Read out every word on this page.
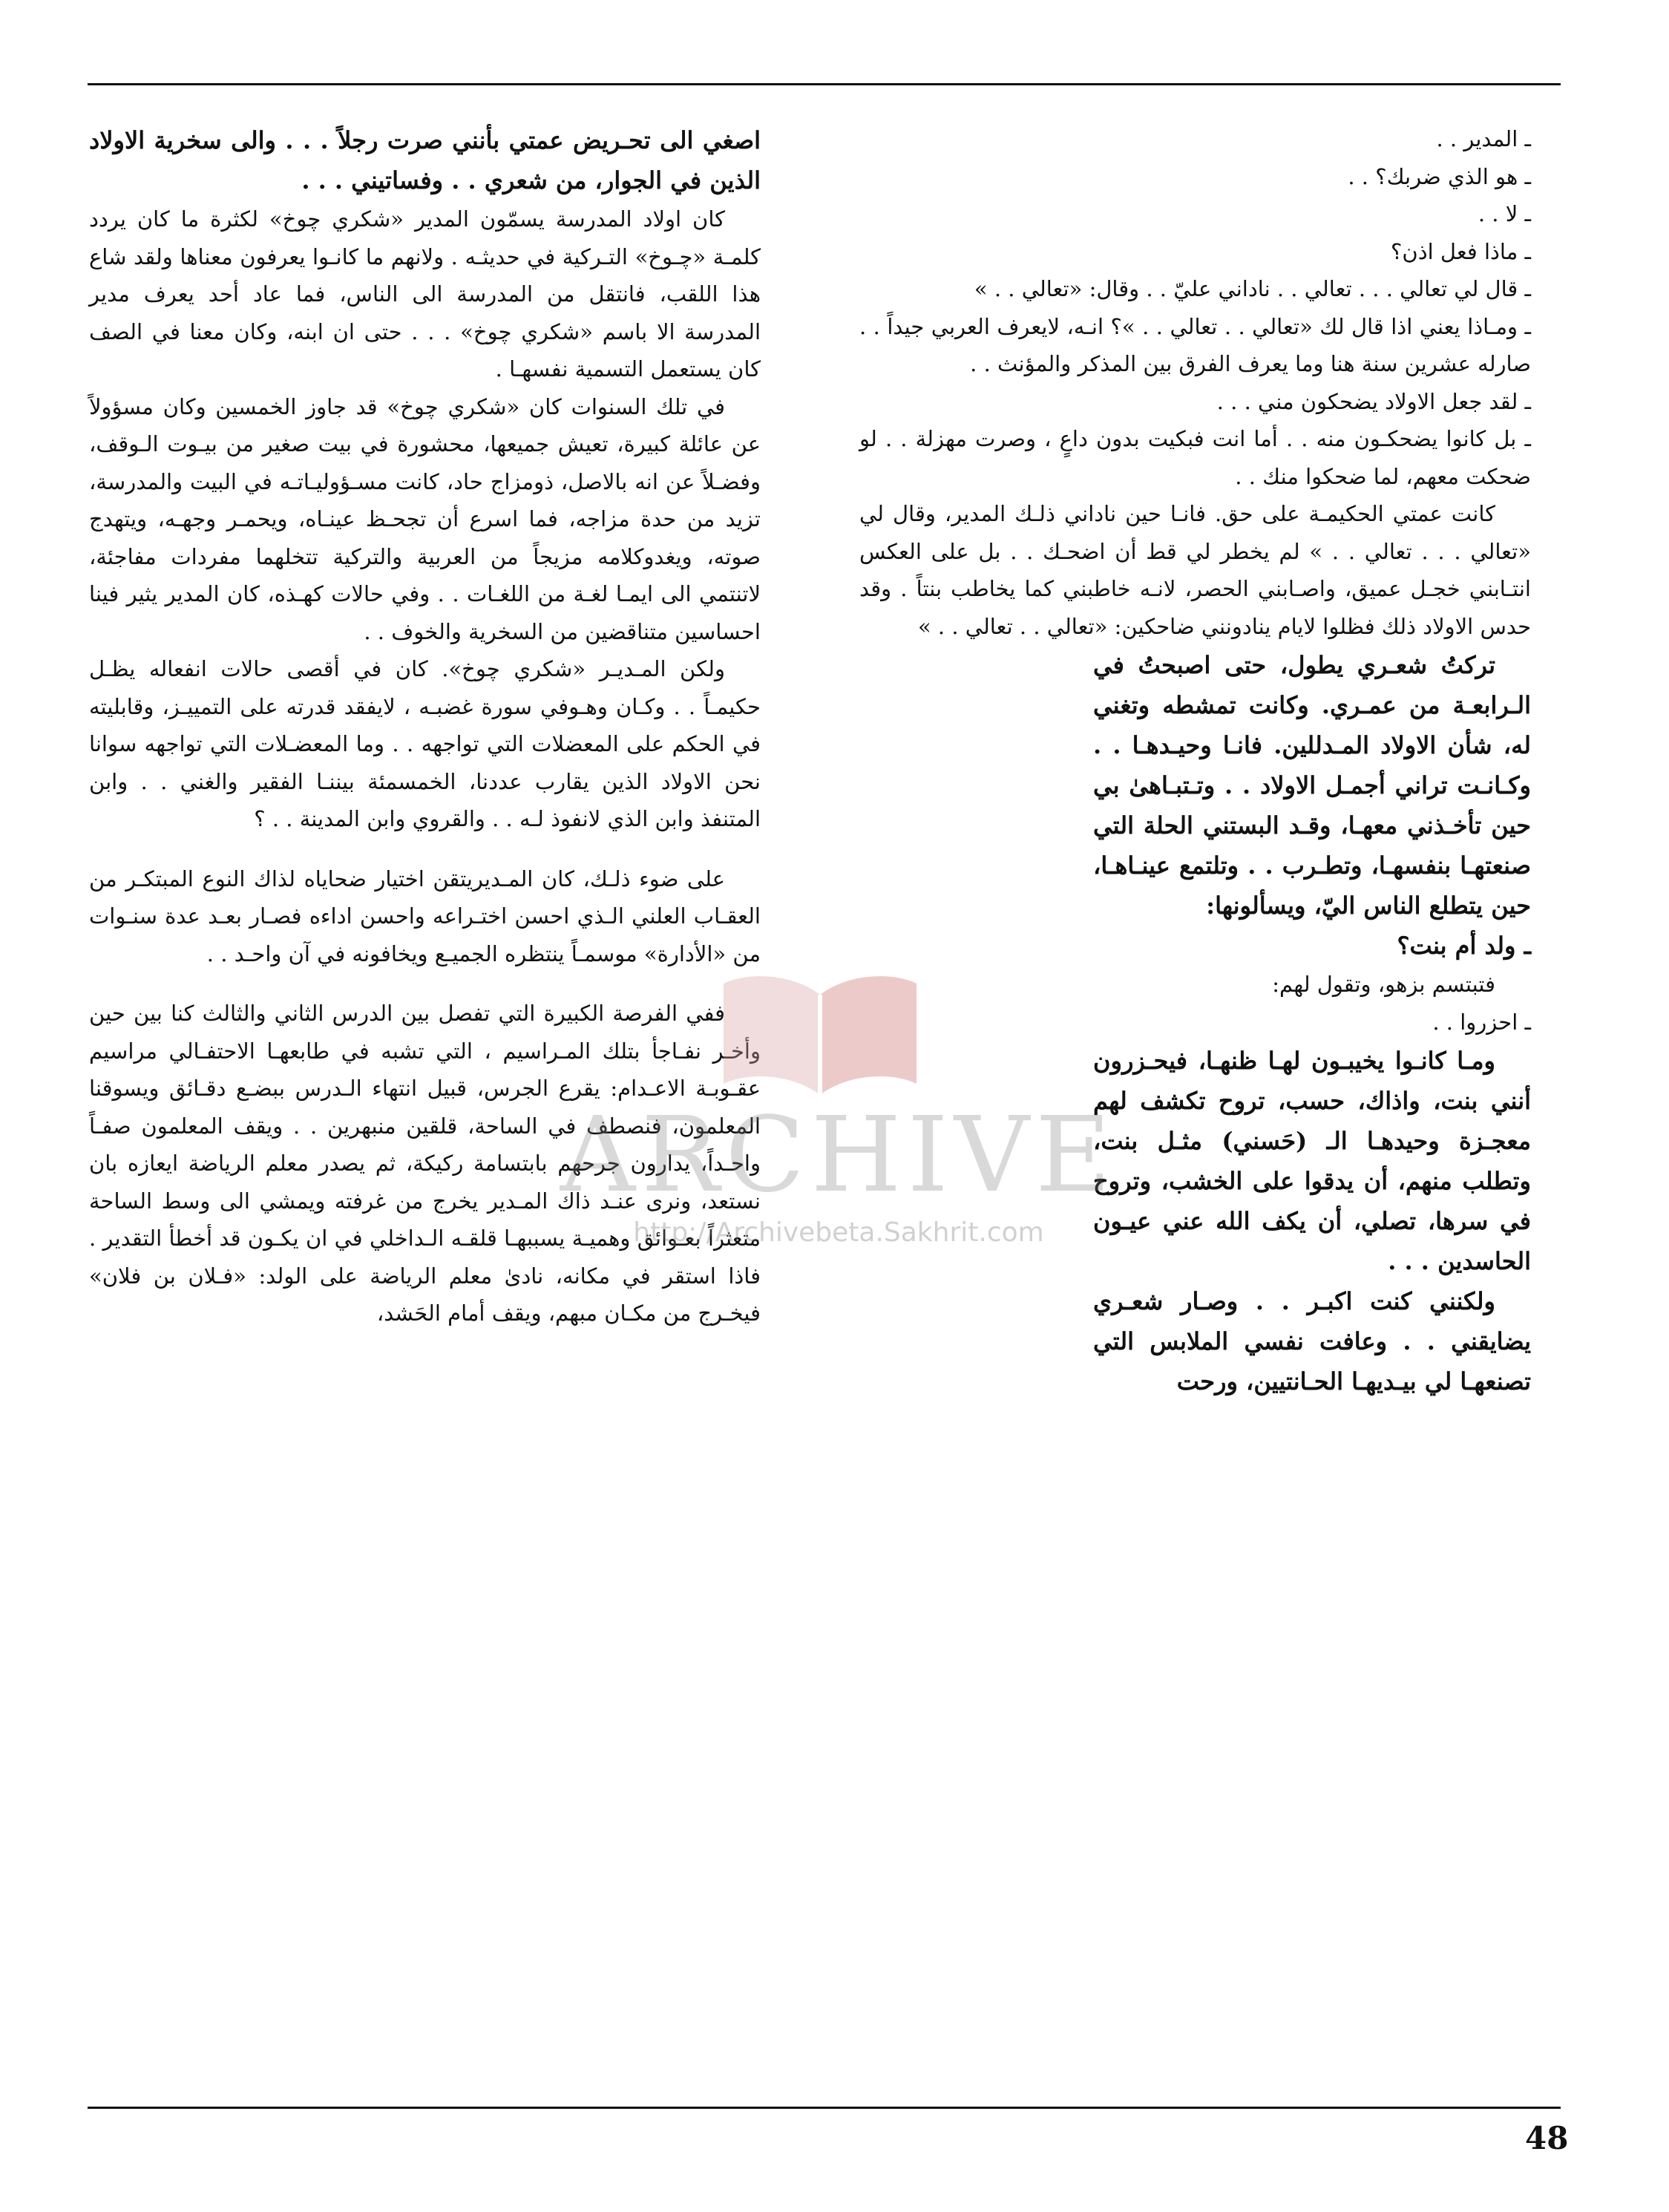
ـ المدير . .

ـ هو الذي ضربك؟ . .

ـ لا . .

ـ ماذا فعل اذن؟

ـ قال لي تعالي . . . تعالي . . ناداني عليّ . . وقال: «تعالي . . »

ـ ومـاذا يعني اذا قال لك «تعالي . . تعالي . . »؟ انـه، لايعرف العربي جيداً . . صارله عشرين سنة هنا وما يعرف الفرق بين المذكر والمؤنث . .

ـ لقد جعل الاولاد يضحكون مني . . .

ـ بل كانوا يضحكـون منه . . أما انت فبكيت بدون داعٍ ، وصرت مهزلة . . لو ضحكت معهم، لما ضحكوا منك . .

كانت عمتي الحكيمـة على حق. فانـا حين ناداني ذلـك المدير، وقال لي «تعالي . . . تعالي . . » لم يخطر لي قط أن اضحـك . . بل على العكس انتـابني خجـل عميق، واصـابني الحصر، لانـه خاطبني كما يخاطب بنتاً . وقد حدس الاولاد ذلك فظلوا لايام ينادونني ضاحكين: «تعالي . . تعالي . . »

تركتُ شعـري يطول، حتى اصبحتُ في الـرابعـة من عمـري. وكانت تمشطه وتغني له، شأن الاولاد المـدللين. فانـا وحيـدهـا . . وكـانـت تراني أجمـل الاولاد . . وتـتبـاهىٰ بي حين تأخـذني معهـا، وقـد البستني الحلة التي صنعتهـا بنفسهـا، وتطـرب . . وتلتمع عينـاهـا، حين يتطلع الناس اليّ، ويسألونها:

ـ ولد أم بنت؟

فتبتسم بزهو، وتقول لهم:

ـ احزروا . .

ومـا كانـوا يخيبـون لهـا ظنهـا، فيحـزرون أنني بنت، واذاك، حسب، تروح تكشف لهم معجـزة وحيدهـا الـ (حَسني) مثـل بنت، وتطلب منهم، أن يدقوا على الخشب، وتروح في سرها، تصلي، أن يكف الله عني عيـون الحاسدين . . .

ولكنني كنت اكبـر . . وصـار شعـري يضايقني . . وعافت نفسي الملابس التي تصنعهـا لي بيـديهـا الحـانتيين، ورحت

اصغي الى تحـريض عمتي بأنني صرت رجلاً . . . والى سخرية الاولاد الذين في الجوار، من شعري . . وفساتيني . . .

كان اولاد المدرسة يسمّون المدير «شكري چوخ» لكثرة ما كان يردد كلمـة «چـوخ» التـركية في حديثـه . ولانهم ما كانـوا يعرفون معناها ولقد شاع هذا اللقب، فانتقل من المدرسة الى الناس، فما عاد أحد يعرف مدير المدرسة الا باسم «شكري چوخ» . . . حتى ان ابنه، وكان معنا في الصف كان يستعمل التسمية نفسهـا .

في تلك السنوات كان «شكري چوخ» قد جاوز الخمسين وكان مسؤولاً عن عائلة كبيرة، تعيش جميعها، محشورة في بيت صغير من بيـوت الـوقف، وفضـلاً عن انه بالاصل، ذومزاج حاد، كانت مسـؤوليـاتـه في البيت والمدرسة، تزيد من حدة مزاجه، فما اسرع أن تجحـظ عينـاه، ويحمـر وجهـه، ويتهدج صوته، ويغدوكلامه مزيجاً من العربية والتركية تتخلهما مفردات مفاجئة، لاتنتمي الى ايمـا لغـة من اللغـات . . وفي حالات كهـذه، كان المدير يثير فينا احساسين متناقضين من السخرية والخوف . .

ولكن المـديـر «شكري چوخ». كان في أقصى حالات انفعاله يظـل حكيمـاً . . وكـان وهـوفي سورة غضبـه ، لايفقد قدرته على التمييـز، وقابليته في الحكم على المعضلات التي تواجهه . . وما المعضـلات التي تواجهه سوانا نحن الاولاد الذين يقارب عددنا، الخمسمئة بيننـا الفقير والغني . . وابن المتنفذ وابن الذي لانفوذ لـه . . والقروي وابن المدينة . . ؟

على ضوء ذلـك، كان المـديريتقن اختيار ضحاياه لذاك النوع المبتكـر من العقـاب العلني الـذي احسن اختـراعه واحسن اداءه فصـار بعـد عدة سنـوات من «الأدارة» موسمـاً ينتظره الجميـع ويخافونه في آن واحـد . .

ففي الفرصة الكبيرة التي تفصل بين الدرس الثاني والثالث كنا بين حين وأخـر نفـاجأ بتلك المـراسيم ، التي تشبه في طابعهـا الاحتفـالي مراسيم عقـوبـة الاعـدام: يقرع الجرس، قبيل انتهاء الـدرس ببضـع دقـائق ويسوقنا المعلمون، فنصطف في الساحة، قلقين منبهرين . . ويقف المعلمون صفـاً واحـداً، يدارون جرحهم بابتسامة ركيكة، ثم يصدر معلم الرياضة ايعازه بان نستعد، ونرى عنـد ذاك المـدير يخرج من غرفته ويمشي الى وسط الساحة متعثراً بعـوائق وهميـة يسببهـا قلقـه الـداخلي في ان يكـون قد أخطأ التقدير . فاذا استقر في مكانه، نادىٰ معلم الرياضة على الولد: «فـلان بن فلان» فيخـرج من مكـان مبهم، ويقف أمام الحَشد،

ARCHIVE
http://Archivebeta.Sakhrit.com
48
